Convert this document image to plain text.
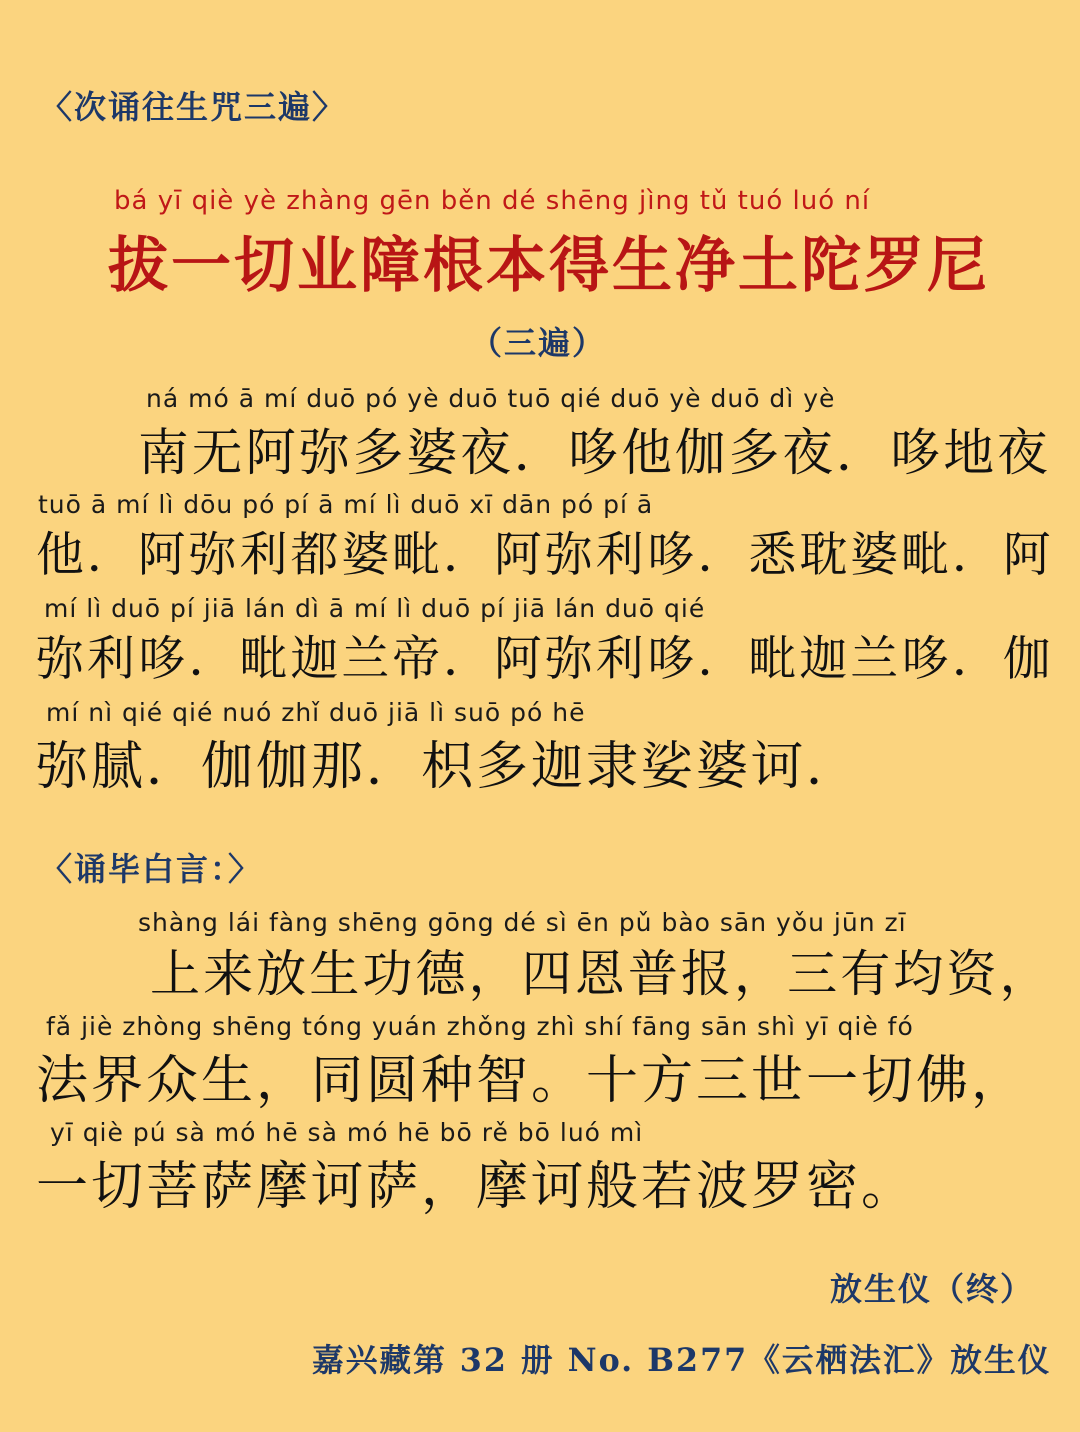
〈次诵往生咒三遍〉
bá yī qiè yè zhàng gēn běn dé shēng jìng tǔ tuó luó ní
拔一切业障根本得生净土陀罗尼
（三遍）
ná mó ā mí duō pó yè duō tuō qié duō yè duō dì yè
南无阿弥多婆夜．哆他伽多夜．哆地夜
tuō ā mí lì dōu pó pí ā mí lì duō xī dān pó pí ā
他．阿弥利都婆毗．阿弥利哆．悉耽婆毗．阿
mí lì duō pí jiā lán dì ā mí lì duō pí jiā lán duō qié
弥利哆．毗迦兰帝．阿弥利哆．毗迦兰哆．伽
mí nì qié qié nuó zhǐ duō jiā lì suō pó hē
弥腻．伽伽那．枳多迦隶娑婆诃．
〈诵毕白言：〉
shàng lái fàng shēng gōng dé sì ēn pǔ bào sān yǒu jūn zī
上来放生功德，四恩普报，三有均资，
fǎ jiè zhòng shēng tóng yuán zhǒng zhì shí fāng sān shì yī qiè fó
法界众生，同圆种智。十方三世一切佛，
yī qiè pú sà mó hē sà mó hē bō rě bō luó mì
一切菩萨摩诃萨，摩诃般若波罗密。
放生仪（终）
嘉兴藏第 32 册 No. B277《云栖法汇》放生仪
